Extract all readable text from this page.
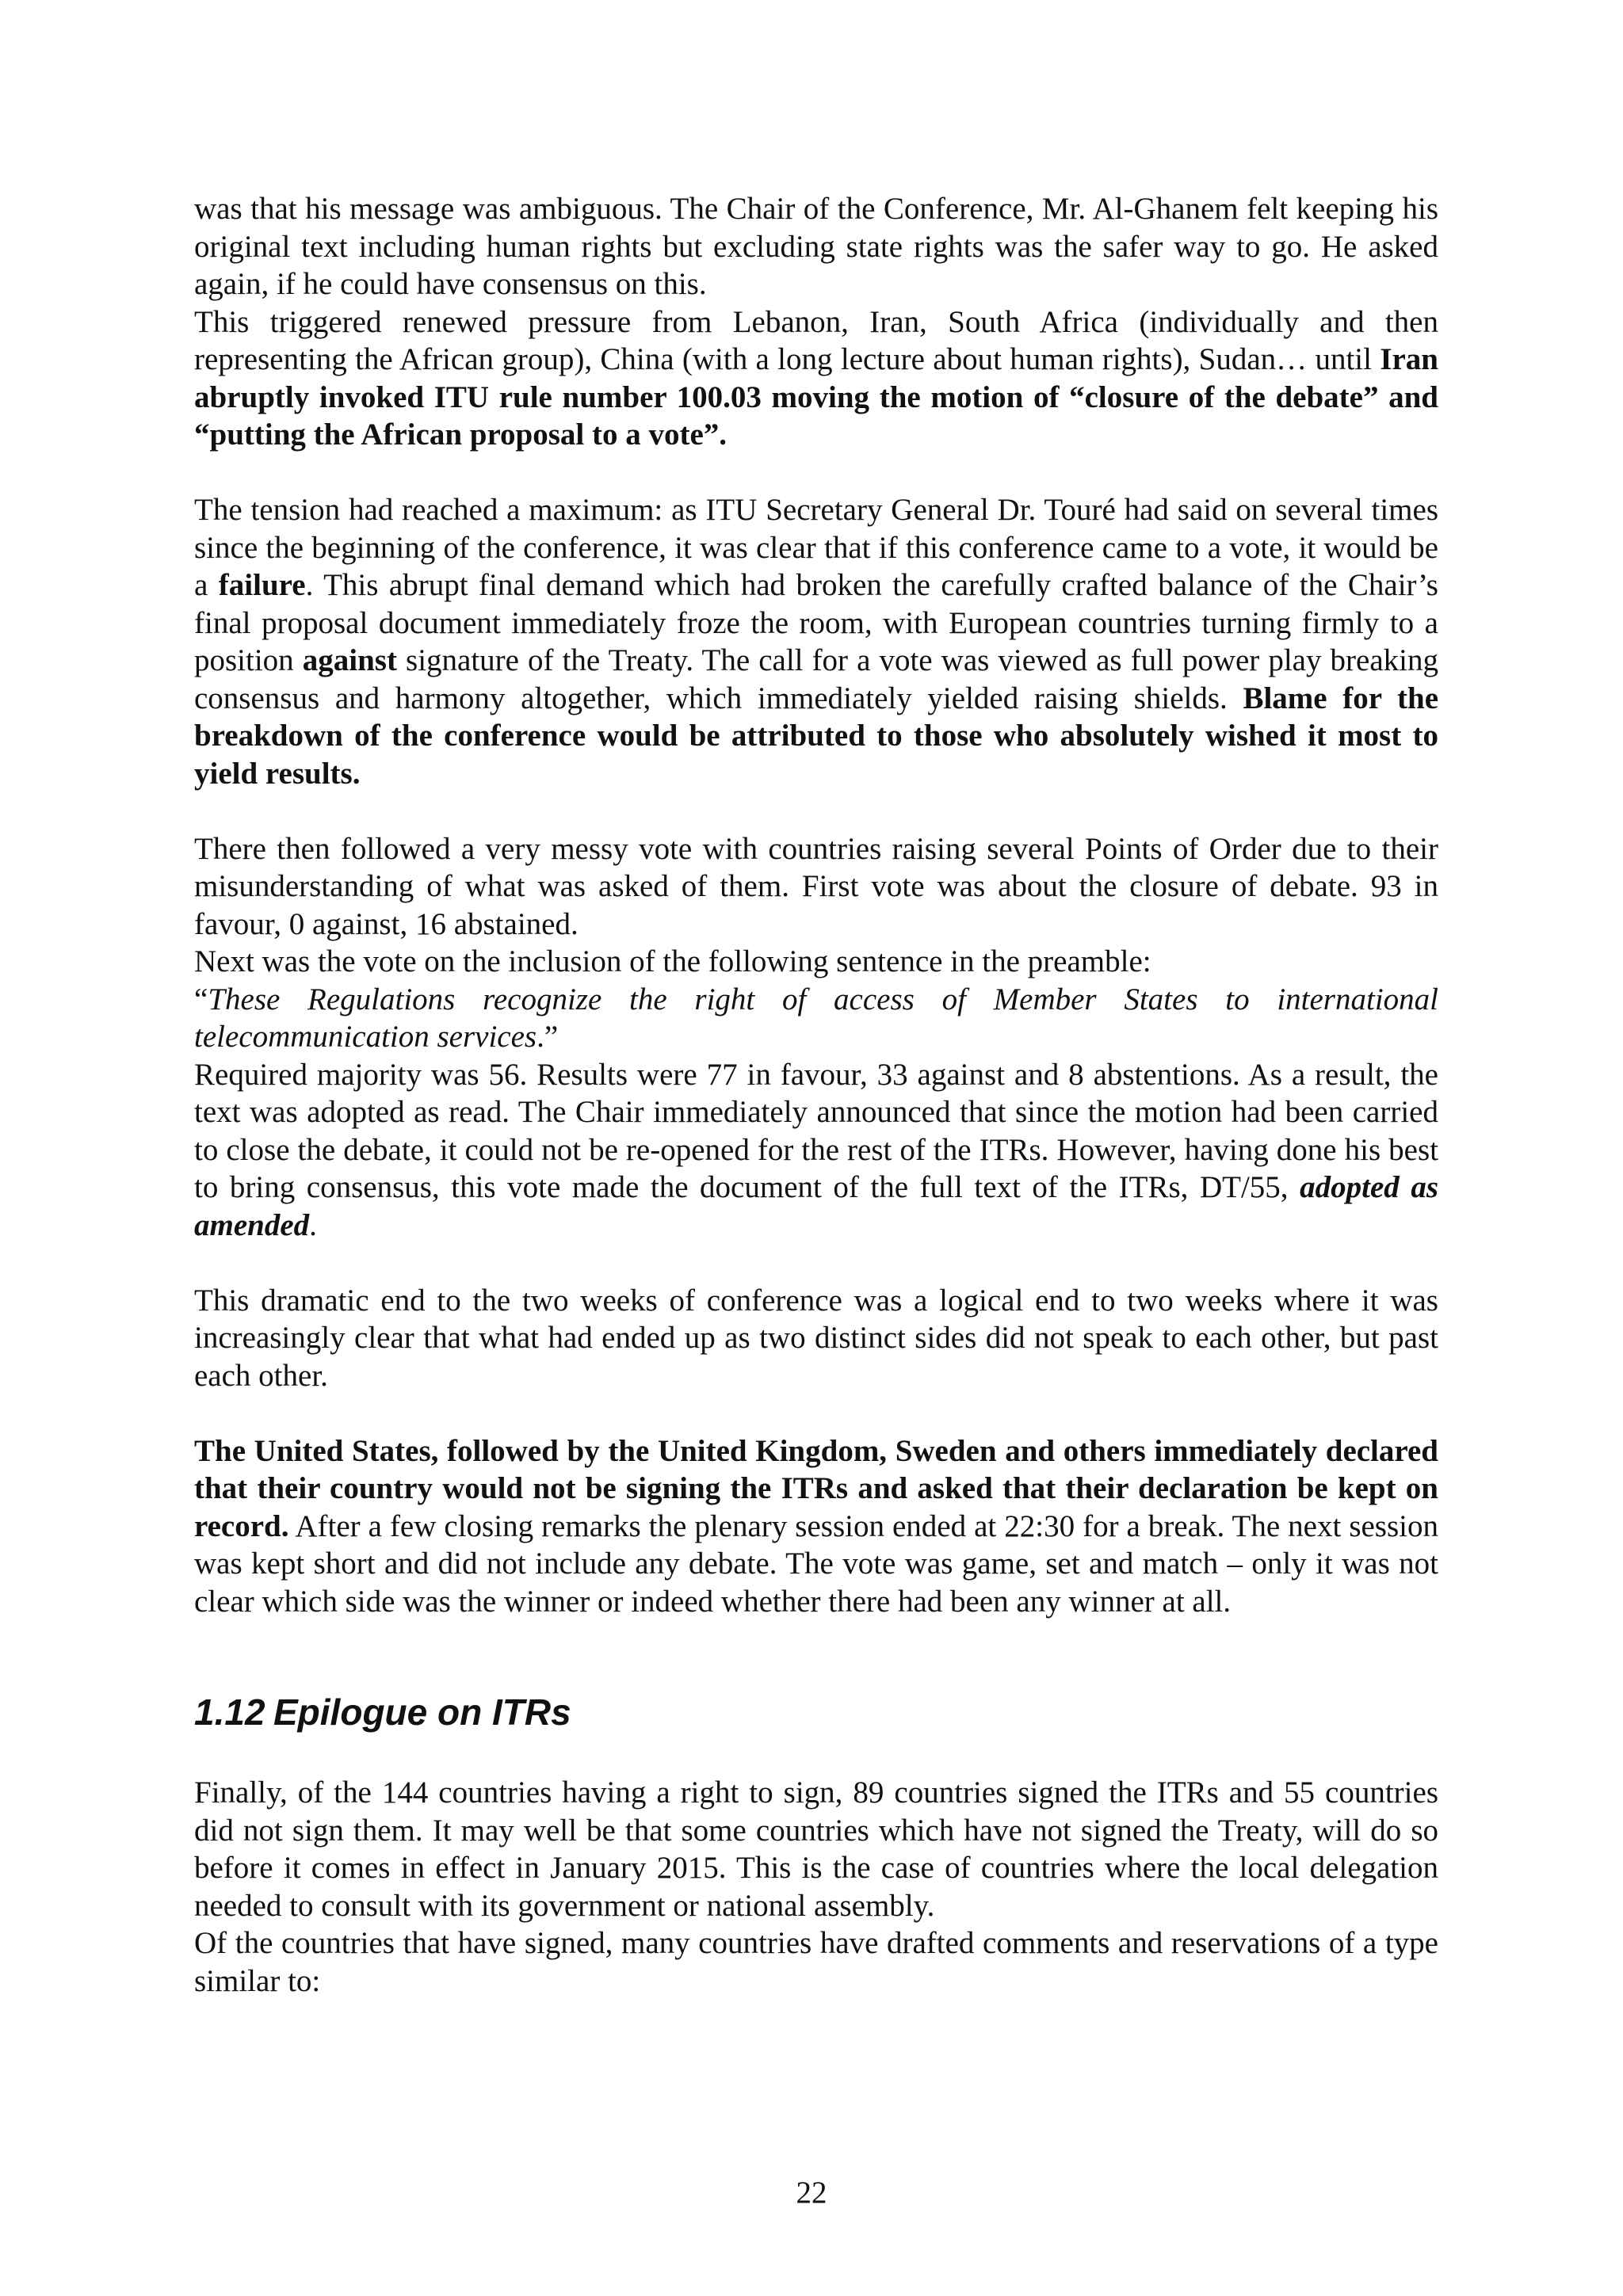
was that his message was ambiguous. The Chair of the Conference, Mr. Al-Ghanem felt keeping his original text including human rights but excluding state rights was the safer way to go. He asked again, if he could have consensus on this.

This triggered renewed pressure from Lebanon, Iran, South Africa (individually and then representing the African group), China (with a long lecture about human rights), Sudan… until Iran abruptly invoked ITU rule number 100.03 moving the motion of “closure of the debate” and “putting the African proposal to a vote”.

The tension had reached a maximum: as ITU Secretary General Dr. Touré had said on several times since the beginning of the conference, it was clear that if this conference came to a vote, it would be a failure. This abrupt final demand which had broken the carefully crafted balance of the Chair’s final proposal document immediately froze the room, with European countries turning firmly to a position against signature of the Treaty. The call for a vote was viewed as full power play breaking consensus and harmony altogether, which immediately yielded raising shields. Blame for the breakdown of the conference would be attributed to those who absolutely wished it most to yield results.

There then followed a very messy vote with countries raising several Points of Order due to their misunderstanding of what was asked of them. First vote was about the closure of debate. 93 in favour, 0 against, 16 abstained.

Next was the vote on the inclusion of the following sentence in the preamble:

“These Regulations recognize the right of access of Member States to international telecommunication services.”

Required majority was 56. Results were 77 in favour, 33 against and 8 abstentions. As a result, the text was adopted as read. The Chair immediately announced that since the motion had been carried to close the debate, it could not be re-opened for the rest of the ITRs. However, having done his best to bring consensus, this vote made the document of the full text of the ITRs, DT/55, adopted as amended.

This dramatic end to the two weeks of conference was a logical end to two weeks where it was increasingly clear that what had ended up as two distinct sides did not speak to each other, but past each other.

The United States, followed by the United Kingdom, Sweden and others immediately declared that their country would not be signing the ITRs and asked that their declaration be kept on record. After a few closing remarks the plenary session ended at 22:30 for a break. The next session was kept short and did not include any debate. The vote was game, set and match – only it was not clear which side was the winner or indeed whether there had been any winner at all.

1.12 Epilogue on ITRs

Finally, of the 144 countries having a right to sign, 89 countries signed the ITRs and 55 countries did not sign them. It may well be that some countries which have not signed the Treaty, will do so before it comes in effect in January 2015. This is the case of countries where the local delegation needed to consult with its government or national assembly.

Of the countries that have signed, many countries have drafted comments and reservations of a type similar to:

22
